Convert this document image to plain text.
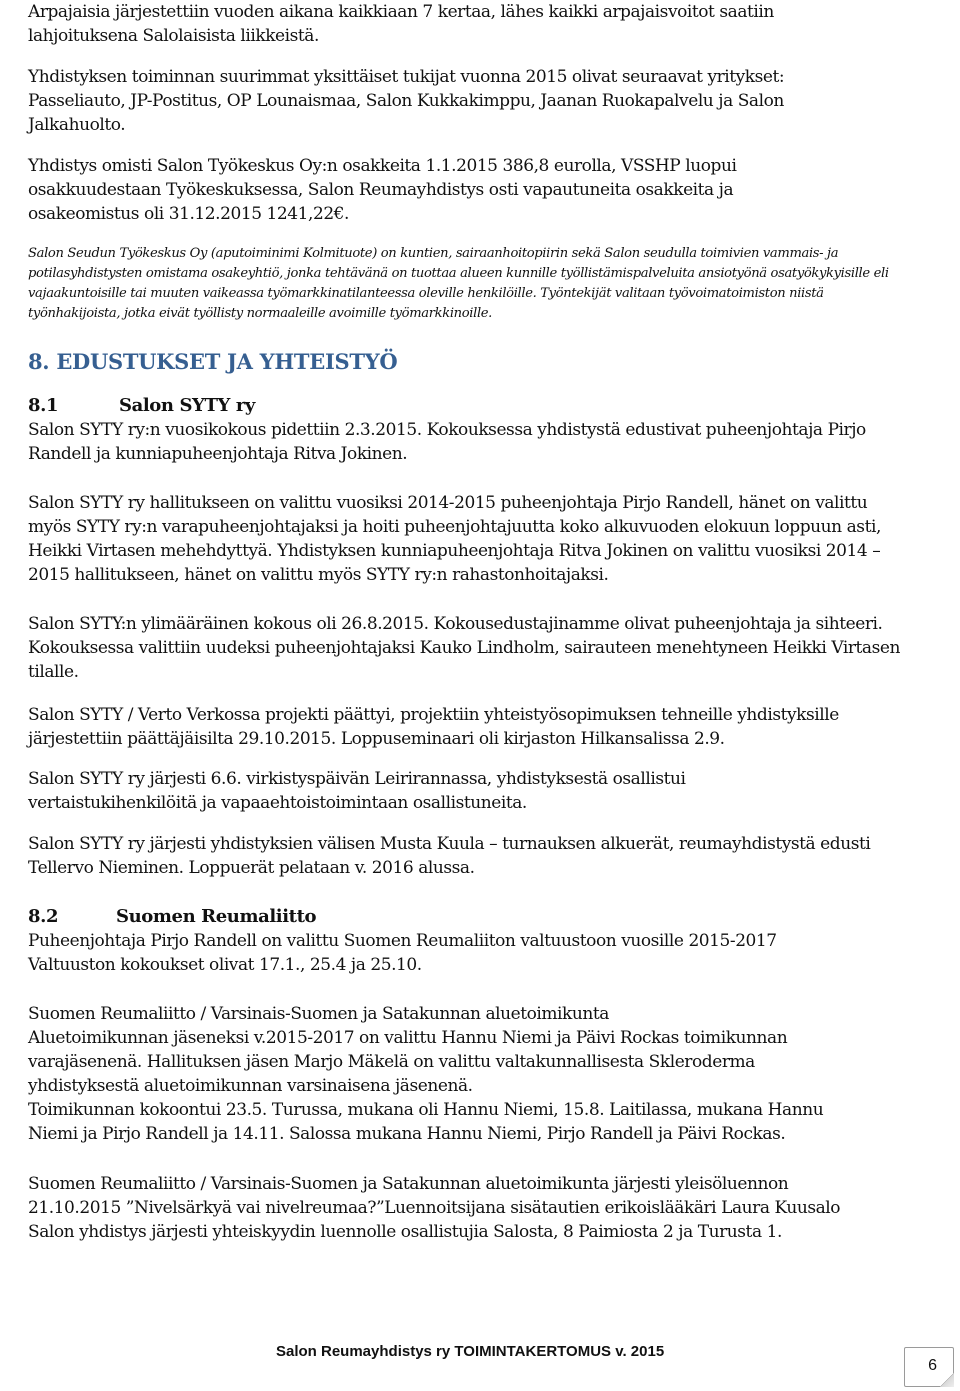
Arpajaisia järjestettiin vuoden aikana kaikkiaan 7 kertaa, lähes kaikki arpajaisvoitot saatiin lahjoituksena Salolaisista liikkeistä.

Yhdistyksen toiminnan suurimmat yksittäiset tukijat vuonna 2015 olivat seuraavat yritykset: Passeliauto, JP-Postitus, OP Lounaismaa, Salon Kukkakimppu, Jaanan Ruokapalvelu ja Salon Jalkahuolto.

Yhdistys omisti Salon Työkeskus Oy:n osakkeita 1.1.2015 386,8 eurolla, VSSHP luopui osakkuudestaan Työkeskuksessa, Salon Reumayhdistys osti vapautuneita osakkeita ja osakeomistus oli 31.12.2015 1241,22€.

Salon Seudun Työkeskus Oy (aputoiminimi Kolmituote) on kuntien, sairaanhoitopiirin sekä Salon seudulla toimivien vammais- ja potilasyhdistysten omistama osakeyhtiö, jonka tehtävänä on tuottaa alueen kunnille työllistämispalveluita ansiotyönä osatyökykyisille eli vajaakuntoisille tai muuten vaikeassa työmarkkinatilanteessa oleville henkilöille. Työntekijät valitaan työvoimatoimiston niistä työnhakijoista, jotka eivät työllisty normaaleille avoimille työmarkkinoille.

8. EDUSTUKSET JA YHTEISTYÖ
8.1	Salon SYTY ry

Salon SYTY ry:n vuosikokous pidettiin 2.3.2015. Kokouksessa yhdistystä edustivat puheenjohtaja Pirjo Randell ja kunniapuheenjohtaja Ritva Jokinen.

Salon SYTY ry hallitukseen on valittu vuosiksi 2014-2015 puheenjohtaja Pirjo Randell, hänet on valittu myös SYTY ry:n varapuheenjohtajaksi ja hoiti puheenjohtajuutta koko alkuvuoden elokuun loppuun asti, Heikki Virtasen mehehdyttyä. Yhdistyksen kunniapuheenjohtaja Ritva Jokinen on valittu vuosiksi 2014 – 2015 hallitukseen, hänet on valittu myös SYTY ry:n rahastonhoitajaksi.

Salon SYTY:n ylimääräinen kokous oli 26.8.2015. Kokousedustajinamme olivat puheenjohtaja ja sihteeri. Kokouksessa valittiin uudeksi puheenjohtajaksi Kauko Lindholm, sairauteen menehtyneen Heikki Virtasen tilalle.

Salon SYTY / Verto Verkossa projekti päättyi, projektiin yhteistyösopimuksen tehneille yhdistyksille järjestettiin päättäjäisilta 29.10.2015. Loppuseminaari oli kirjaston Hilkansalissa 2.9.

Salon SYTY ry järjesti 6.6. virkistyspäivän Leirirannassa, yhdistyksestä osallistui vertaistukihenkilöitä ja vapaaehtoistoimintaan osallistuneita.

Salon SYTY ry järjesti yhdistyksien välisen Musta Kuula – turnauksen alkuerät, reumayhdistystä edusti Tellervo Nieminen. Loppuerät pelataan v. 2016 alussa.

8.2	Suomen Reumaliitto

Puheenjohtaja Pirjo Randell on valittu Suomen Reumaliiton valtuustoon vuosille 2015-2017
Valtuuston kokoukset olivat 17.1., 25.4 ja 25.10.

Suomen Reumaliitto / Varsinais-Suomen ja Satakunnan aluetoimikunta
Aluetoimikunnan jäseneksi v.2015-2017 on valittu Hannu Niemi ja Päivi Rockas toimikunnan varajäsenenä. Hallituksen jäsen Marjo Mäkelä on valittu valtakunnallisesta Skleroderma yhdistyksestä aluetoimikunnan varsinaisena jäsenenä.
Toimikunnan kokoontui 23.5. Turussa, mukana oli Hannu Niemi, 15.8. Laitilassa, mukana Hannu Niemi ja Pirjo Randell ja 14.11. Salossa mukana Hannu Niemi, Pirjo Randell ja Päivi Rockas.

Suomen Reumaliitto / Varsinais-Suomen ja Satakunnan aluetoimikunta järjesti yleisöluennon
21.10.2015 ”Nivelsärkyä vai nivelreumaa?”Luennoitsijana sisätautien erikoislääkäri Laura Kuusalo
Salon yhdistys järjesti yhteiskyydin luennolle osallistujia Salosta, 8 Paimiosta 2 ja Turusta 1.

Salon Reumayhdistys ry TOIMINTAKERTOMUS v. 2015
6
